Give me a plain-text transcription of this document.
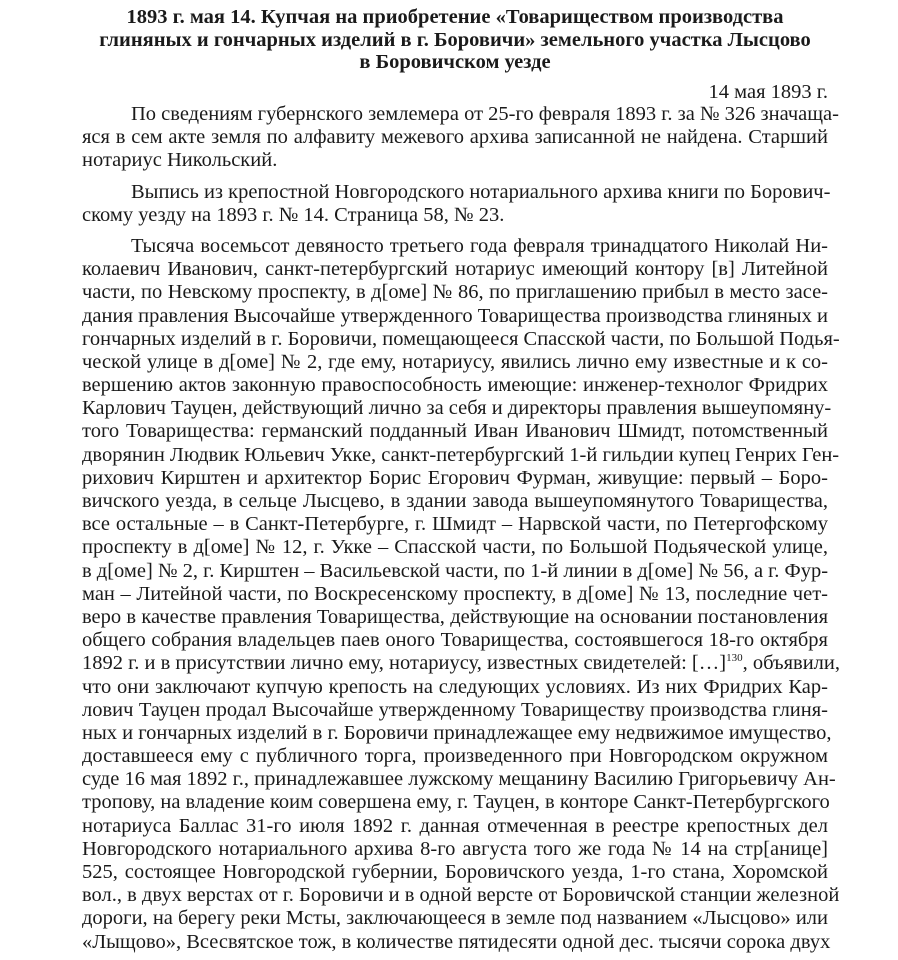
1893 г. мая 14. Купчая на приобретение «Товариществом производства
глиняных и гончарных изделий в г. Боровичи» земельного участка Лысцово
в Боровичском уезде
14 мая 1893 г.
По сведениям губернского землемера от 25-го февраля 1893 г. за № 326 значаща-
яся в сем акте земля по алфавиту межевого архива записанной не найдена. Старший
нотариус Никольский.
Выпись из крепостной Новгородского нотариального архива книги по Борович-
скому уезду на 1893 г. № 14. Страница 58, № 23.
Тысяча восемьсот девяносто третьего года февраля тринадцатого Николай Ни-
колаевич Иванович, санкт-петербургский нотариус имеющий контору [в] Литейной
части, по Невскому проспекту, в д[оме] № 86, по приглашению прибыл в место засе-
дания правления Высочайше утвержденного Товарищества производства глиняных и
гончарных изделий в г. Боровичи, помещающееся Спасской части, по Большой Подья-
ческой улице в д[оме] № 2, где ему, нотариусу, явились лично ему известные и к со-
вершению актов законную правоспособность имеющие: инженер-технолог Фридрих
Карлович Тауцен, действующий лично за себя и директоры правления вышеупомяну-
того Товарищества: германский подданный Иван Иванович Шмидт, потомственный
дворянин Людвик Юльевич Укке, санкт-петербургский 1-й гильдии купец Генрих Ген-
рихович Кирштен и архитектор Борис Егорович Фурман, живущие: первый – Боро-
вичского уезда, в сельце Лысцево, в здании завода вышеупомянутого Товарищества,
все остальные – в Санкт-Петербурге, г. Шмидт – Нарвской части, по Петергофскому
проспекту в д[оме] № 12, г. Укке – Спасской части, по Большой Подьяческой улице,
в д[оме] № 2, г. Кирштен – Васильевской части, по 1-й линии в д[оме] № 56, а г. Фур-
ман – Литейной части, по Воскресенскому проспекту, в д[оме] № 13, последние чет-
веро в качестве правления Товарищества, действующие на основании постановления
общего собрания владельцев паев оного Товарищества, состоявшегося 18-го октября
1892 г. и в присутствии лично ему, нотариусу, известных свидетелей: […]$^{130}$, объявили,
что они заключают купчую крепость на следующих условиях. Из них Фридрих Кар-
лович Тауцен продал Высочайше утвержденному Товариществу производства глиня-
ных и гончарных изделий в г. Боровичи принадлежащее ему недвижимое имущество,
доставшееся ему с публичного торга, произведенного при Новгородском окружном
суде 16 мая 1892 г., принадлежавшее лужскому мещанину Василию Григорьевичу Ан-
тропову, на владение коим совершена ему, г. Тауцен, в конторе Санкт-Петербургского
нотариуса Баллас 31-го июля 1892 г. данная отмеченная в реестре крепостных дел
Новгородского нотариального архива 8-го августа того же года № 14 на стр[анице]
525, состоящее Новгородской губернии, Боровичского уезда, 1-го стана, Хоромской
вол., в двух верстах от г. Боровичи и в одной версте от Боровичской станции железной
дороги, на берегу реки Мсты, заключающееся в земле под названием «Лысцово» или
«Лыщово», Всесвятское тож, в количестве пятидесяти одной дес. тысячи сорока двух
